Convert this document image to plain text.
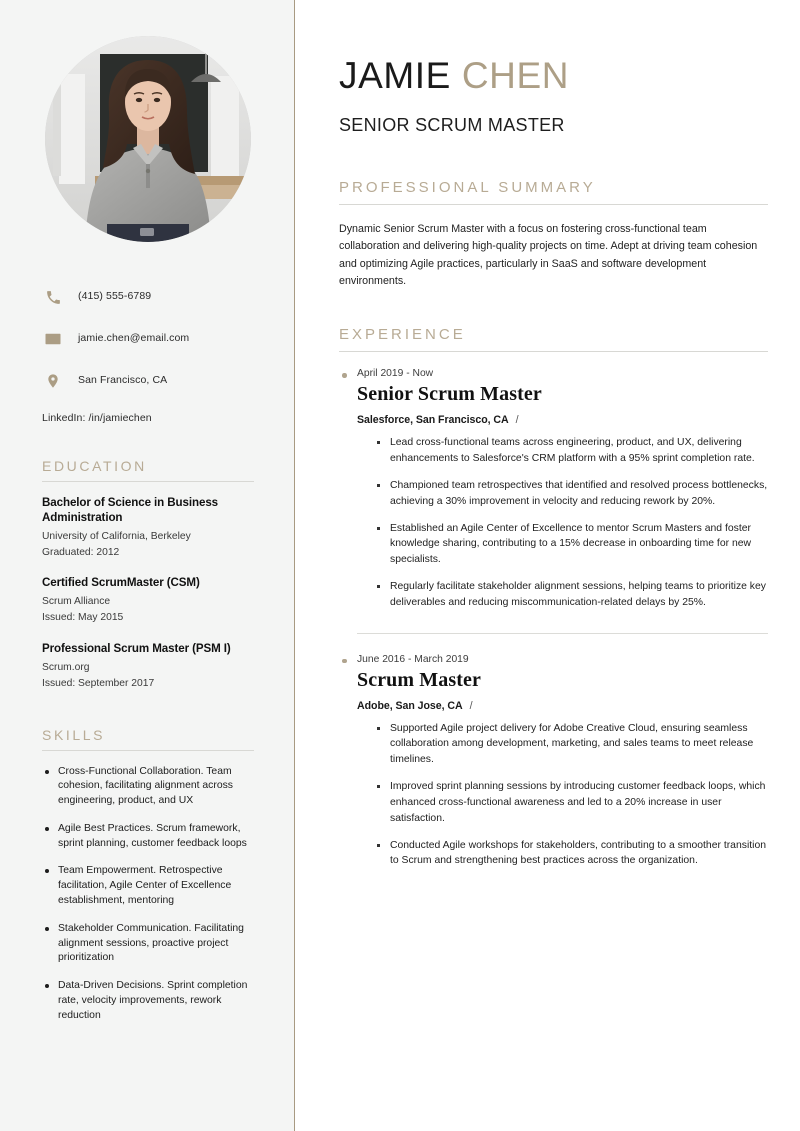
(415) 555-6789
jamie.chen@email.com
San Francisco, CA
LinkedIn: /in/jamiechen
EDUCATION
Bachelor of Science in Business Administration
University of California, Berkeley
Graduated: 2012
Certified ScrumMaster (CSM)
Scrum Alliance
Issued: May 2015
Professional Scrum Master (PSM I)
Scrum.org
Issued: September 2017
SKILLS
Cross-Functional Collaboration. Team cohesion, facilitating alignment across engineering, product, and UX
Agile Best Practices. Scrum framework, sprint planning, customer feedback loops
Team Empowerment. Retrospective facilitation, Agile Center of Excellence establishment, mentoring
Stakeholder Communication. Facilitating alignment sessions, proactive project prioritization
Data-Driven Decisions. Sprint completion rate, velocity improvements, rework reduction
JAMIE CHEN
SENIOR SCRUM MASTER
PROFESSIONAL SUMMARY

Dynamic Senior Scrum Master with a focus on fostering cross-functional team collaboration and delivering high-quality projects on time. Adept at driving team cohesion and optimizing Agile practices, particularly in SaaS and software development environments.

EXPERIENCE
April 2019 - Now
Senior Scrum Master
Salesforce, San Francisco, CA /
Lead cross-functional teams across engineering, product, and UX, delivering enhancements to Salesforce's CRM platform with a 95% sprint completion rate.
Championed team retrospectives that identified and resolved process bottlenecks, achieving a 30% improvement in velocity and reducing rework by 20%.
Established an Agile Center of Excellence to mentor Scrum Masters and foster knowledge sharing, contributing to a 15% decrease in onboarding time for new specialists.
Regularly facilitate stakeholder alignment sessions, helping teams to prioritize key deliverables and reducing miscommunication-related delays by 25%.
June 2016 - March 2019
Scrum Master
Adobe, San Jose, CA /
Supported Agile project delivery for Adobe Creative Cloud, ensuring seamless collaboration among development, marketing, and sales teams to meet release timelines.
Improved sprint planning sessions by introducing customer feedback loops, which enhanced cross-functional awareness and led to a 20% increase in user satisfaction.
Conducted Agile workshops for stakeholders, contributing to a smoother transition to Scrum and strengthening best practices across the organization.
